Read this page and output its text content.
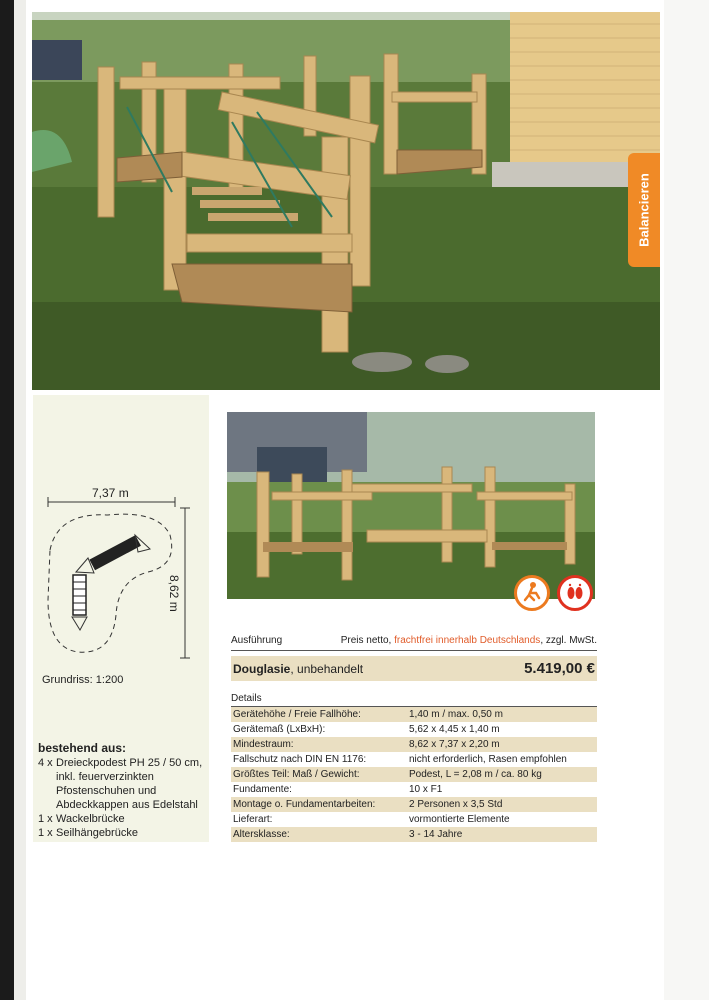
Balancieren
7,37 m
8,62 m
Grundriss: 1:200
bestehend aus:
4 x Dreieckpodest PH 25 / 50 cm, inkl. feuerverzinkten Pfostenschuhen und Abdeckkappen aus Edelstahl
1 x Wackelbrücke
1 x Seilhängebrücke
Ausführung	Preis netto, frachtfrei innerhalb Deutschlands, zzgl. MwSt.
Douglasie, unbehandelt	5.419,00 €
Details
Gerätehöhe / Freie Fallhöhe:	1,40 m / max. 0,50 m
Gerätemaß (LxBxH):	5,62 x 4,45 x 1,40 m
Mindestraum:	8,62 x 7,37 x 2,20 m
Fallschutz nach DIN EN 1176:	nicht erforderlich, Rasen empfohlen
Größtes Teil: Maß / Gewicht:	Podest, L = 2,08 m / ca. 80 kg
Fundamente:	10 x F1
Montage o. Fundamentarbeiten:	2 Personen x 3,5 Std
Lieferart:	vormontierte Elemente
Altersklasse:	3 - 14 Jahre
